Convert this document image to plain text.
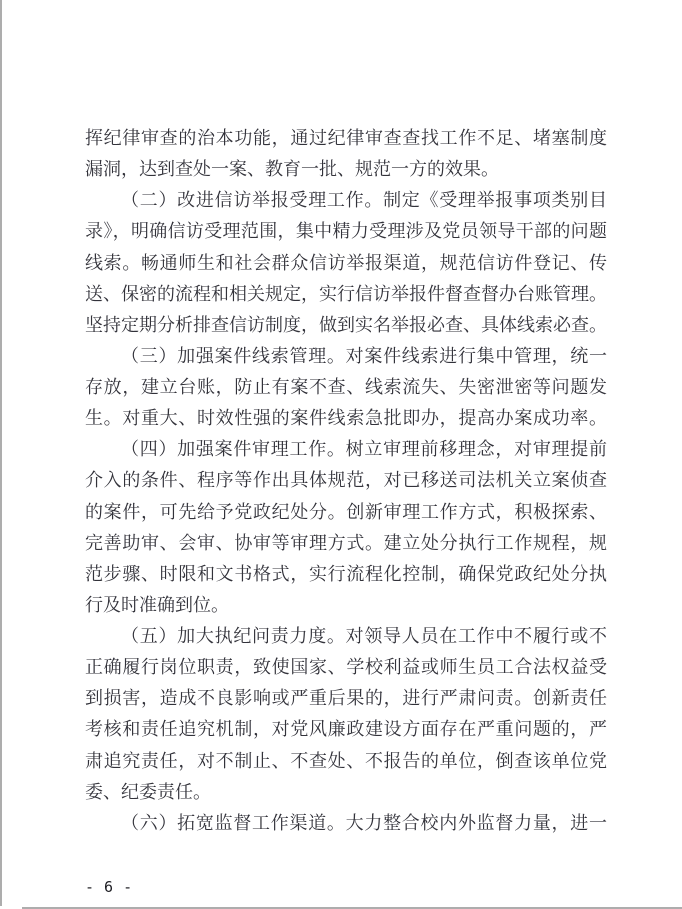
挥纪律审查的治本功能，通过纪律审查查找工作不足、堵塞制度
漏洞，达到查处一案、教育一批、规范一方的效果。
（二）改进信访举报受理工作。制定《受理举报事项类别目
录》，明确信访受理范围，集中精力受理涉及党员领导干部的问题
线索。畅通师生和社会群众信访举报渠道，规范信访件登记、传
送、保密的流程和相关规定，实行信访举报件督查督办台账管理。
坚持定期分析排查信访制度，做到实名举报必查、具体线索必查。
（三）加强案件线索管理。对案件线索进行集中管理，统一
存放，建立台账，防止有案不查、线索流失、失密泄密等问题发
生。对重大、时效性强的案件线索急批即办，提高办案成功率。
（四）加强案件审理工作。树立审理前移理念，对审理提前
介入的条件、程序等作出具体规范，对已移送司法机关立案侦查
的案件，可先给予党政纪处分。创新审理工作方式，积极探索、
完善助审、会审、协审等审理方式。建立处分执行工作规程，规
范步骤、时限和文书格式，实行流程化控制，确保党政纪处分执
行及时准确到位。
（五）加大执纪问责力度。对领导人员在工作中不履行或不
正确履行岗位职责，致使国家、学校利益或师生员工合法权益受
到损害，造成不良影响或严重后果的，进行严肃问责。创新责任
考核和责任追究机制，对党风廉政建设方面存在严重问题的，严
肃追究责任，对不制止、不查处、不报告的单位，倒查该单位党
委、纪委责任。
（六）拓宽监督工作渠道。大力整合校内外监督力量，进一
- 6 -
